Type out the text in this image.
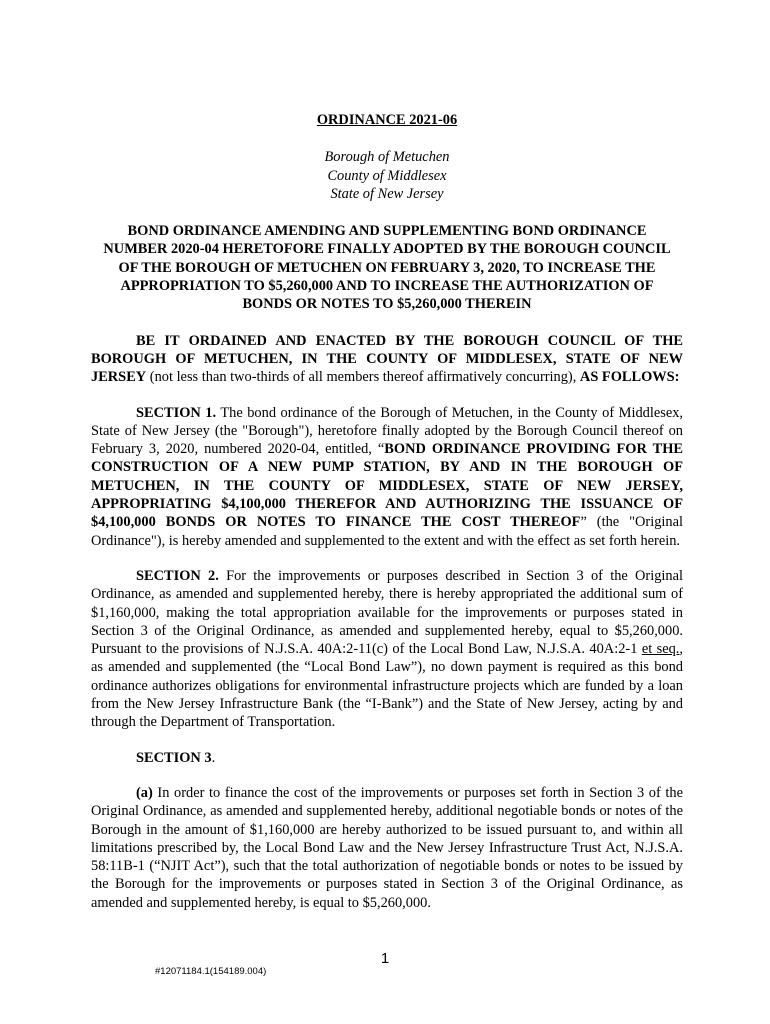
ORDINANCE 2021-06

Borough of Metuchen
County of Middlesex
State of New Jersey
BOND ORDINANCE AMENDING AND SUPPLEMENTING BOND ORDINANCE
NUMBER 2020-04 HERETOFORE FINALLY ADOPTED BY THE BOROUGH COUNCIL
OF THE BOROUGH OF METUCHEN ON FEBRUARY 3, 2020, TO INCREASE THE
APPROPRIATION TO $5,260,000 AND TO INCREASE THE AUTHORIZATION OF
BONDS OR NOTES TO $5,260,000 THEREIN

BE IT ORDAINED AND ENACTED BY THE BOROUGH COUNCIL OF THE BOROUGH OF METUCHEN, IN THE COUNTY OF MIDDLESEX, STATE OF NEW JERSEY (not less than two-thirds of all members thereof affirmatively concurring), AS FOLLOWS:

SECTION 1. The bond ordinance of the Borough of Metuchen, in the County of Middlesex, State of New Jersey (the "Borough"), heretofore finally adopted by the Borough Council thereof on February 3, 2020, numbered 2020-04, entitled, “BOND ORDINANCE PROVIDING FOR THE CONSTRUCTION OF A NEW PUMP STATION, BY AND IN THE BOROUGH OF METUCHEN, IN THE COUNTY OF MIDDLESEX, STATE OF NEW JERSEY, APPROPRIATING $4,100,000 THEREFOR AND AUTHORIZING THE ISSUANCE OF $4,100,000 BONDS OR NOTES TO FINANCE THE COST THEREOF” (the "Original Ordinance"), is hereby amended and supplemented to the extent and with the effect as set forth herein.

SECTION 2. For the improvements or purposes described in Section 3 of the Original Ordinance, as amended and supplemented hereby, there is hereby appropriated the additional sum of $1,160,000, making the total appropriation available for the improvements or purposes stated in Section 3 of the Original Ordinance, as amended and supplemented hereby, equal to $5,260,000. Pursuant to the provisions of N.J.S.A. 40A:2-11(c) of the Local Bond Law, N.J.S.A. 40A:2-1 et seq., as amended and supplemented (the “Local Bond Law”), no down payment is required as this bond ordinance authorizes obligations for environmental infrastructure projects which are funded by a loan from the New Jersey Infrastructure Bank (the “I-Bank”) and the State of New Jersey, acting by and through the Department of Transportation.

SECTION 3.

(a) In order to finance the cost of the improvements or purposes set forth in Section 3 of the Original Ordinance, as amended and supplemented hereby, additional negotiable bonds or notes of the Borough in the amount of $1,160,000 are hereby authorized to be issued pursuant to, and within all limitations prescribed by, the Local Bond Law and the New Jersey Infrastructure Trust Act, N.J.S.A. 58:11B-1 (“NJIT Act”), such that the total authorization of negotiable bonds or notes to be issued by the Borough for the improvements or purposes stated in Section 3 of the Original Ordinance, as amended and supplemented hereby, is equal to $5,260,000.

1
#12071184.1(154189.004)
